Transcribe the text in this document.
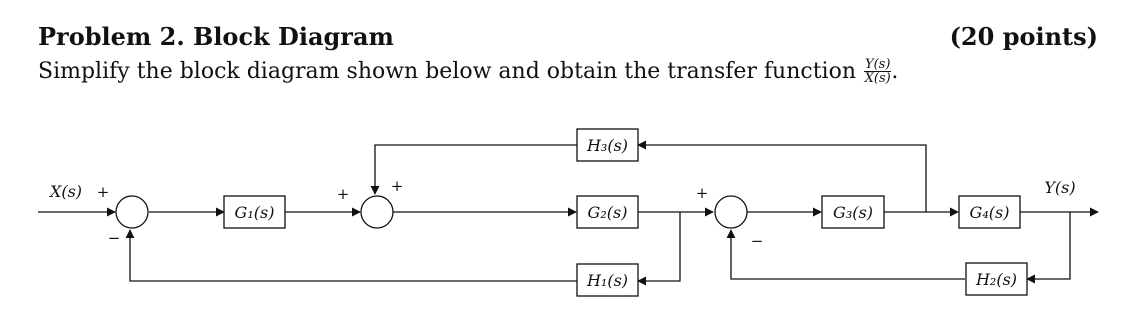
Problem 2. Block Diagram	(20 points)
Simplify the block diagram shown below and obtain the transfer function $\frac{Y(s)}{X(s)}$ .
G₁(s)	G₂(s)	G₃(s)	G₄(s)
H₁(s)	H₂(s)
H₃(s)
X(s)	Y(s)
+
−
+	+	+
−
